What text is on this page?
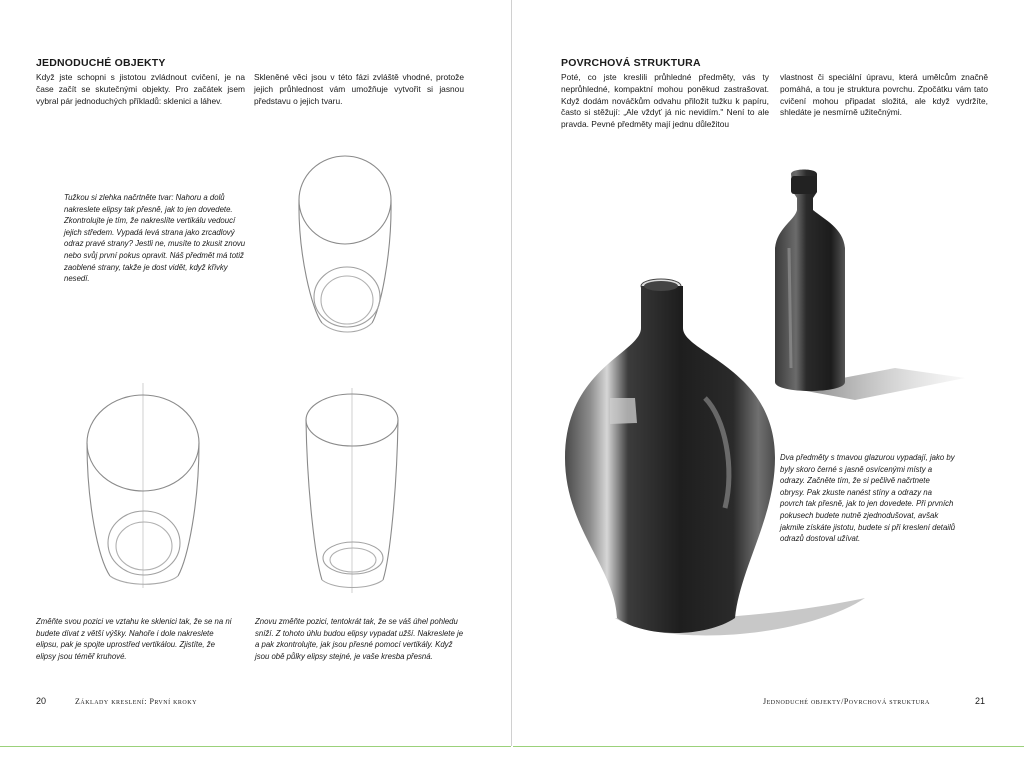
JEDNODUCHÉ OBJEKTY
Když jste schopni s jistotou zvládnout cvičení, je na čase začít se skutečnými objekty. Pro začátek jsem vybral pár jednoduchých příkladů: sklenici a láhev.
Skleněné věci jsou v této fázi zvláště vhodné, protože jejich průhlednost vám umožňuje vytvořit si jasnou představu o jejich tvaru.
Tužkou si zlehka načrtněte tvar: Nahoru a dolů nakreslete elipsy tak přesně, jak to jen dovedete. Zkontrolujte je tím, že nakreslíte vertikálu vedoucí jejich středem. Vypadá levá strana jako zrcadlový odraz pravé strany? Jestli ne, musíte to zkusit znovu nebo svůj první pokus opravit. Náš předmět má totiž zaoblené strany, takže je dost vidět, když křivky nesedí.
Změňte svou pozici ve vztahu ke sklenici tak, že se na ni budete dívat z větší výšky. Nahoře i dole nakreslete elipsu, pak je spojte uprostřed vertikálou. Zjistíte, že elipsy jsou téměř kruhové.
Znovu změňte pozici, tentokrát tak, že se váš úhel pohledu sníží. Z tohoto úhlu budou elipsy vypadat užší. Nakreslete je a pak zkontrolujte, jak jsou přesné pomocí vertikály. Když jsou obě půlky elipsy stejné, je vaše kresba přesná.
20	Základy kreslení: První kroky
POVRCHOVÁ STRUKTURA
Poté, co jste kreslili průhledné předměty, vás ty neprůhledné, kompaktní mohou poněkud zastrašovat. Když dodám nováčkům odvahu přiložit tužku k papíru, často si stěžují: „Ale vždyť já nic nevidím." Není to ale pravda. Pevné předměty mají jednu důležitou
vlastnost či speciální úpravu, která umělcům značně pomáhá, a tou je struktura povrchu. Zpočátku vám tato cvičení mohou připadat složitá, ale když vydržíte, shledáte je nesmírně užitečnými.
Dva předměty s tmavou glazurou vypadají, jako by byly skoro černé s jasně osvícenými místy a odrazy. Začněte tím, že si pečlivě načrtnete obrysy. Pak zkuste nanést stíny a odrazy na povrch tak přesně, jak to jen dovedete. Při prvních pokusech budete nutně zjednodušovat, avšak jakmile získáte jistotu, budete si při kreslení detailů odrazů dostoval užívat.
Jednoduché objekty/Povrchová struktura	21
